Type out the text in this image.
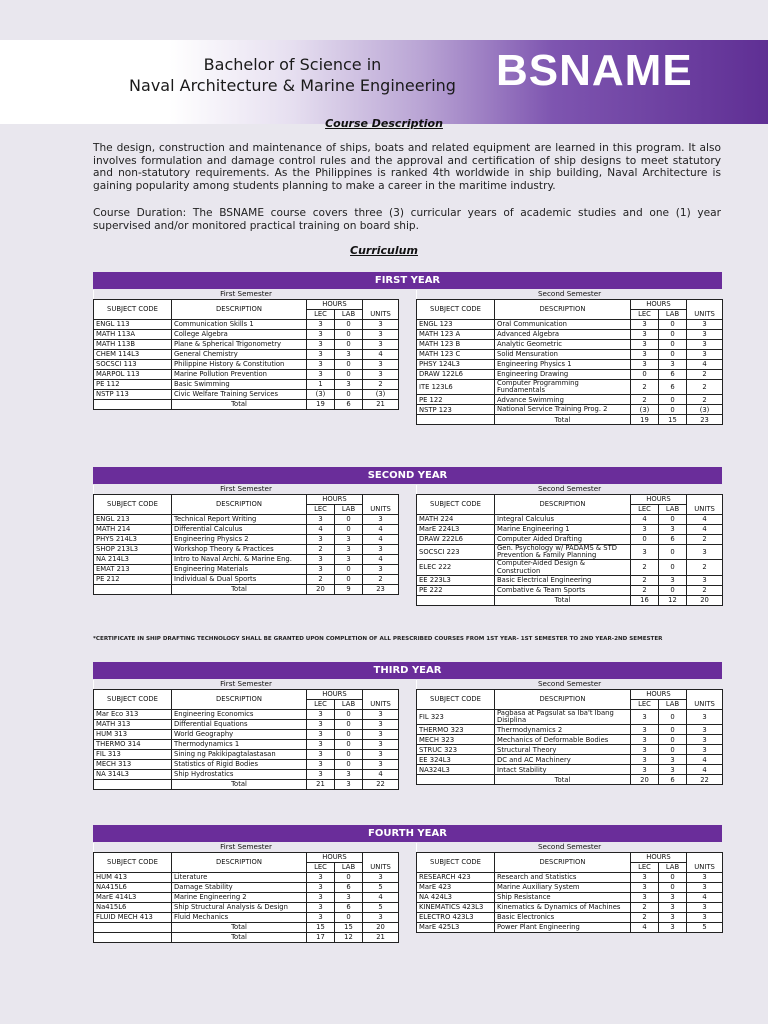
Bachelor of Science in
Naval Architecture & Marine Engineering BSNAME
Course Description
The design, construction and maintenance of ships, boats and related equipment are learned in this program. It also involves formulation and damage control rules and the approval and certification of ship designs to meet statutory and non-statutory requirements. As the Philippines is ranked 4th worldwide in ship building, Naval Architecture is gaining popularity among students planning to make a career in the maritime industry.
Course Duration: The BSNAME course covers three (3) curricular years of academic studies and one (1) year supervised and/or monitored practical training on board ship.
Curriculum
FIRST YEAR
First Semester				
SUBJECT CODE	DESCRIPTION	HOURS		
		LEC	LAB	UNITS
ENGL 113	Communication Skills 1	3	0	3
MATH 113A	College Algebra	3	0	3
MATH 113B	Plane & Spherical Trigonometry	3	0	3
CHEM 114L3	General Chemistry	3	3	4
SOCSCI 113	Philippine History & Constitution	3	0	3
MARPOL 113	Marine Pollution Prevention	3	0	3
PE 112	Basic Swimming	1	3	2
NSTP 113	Civic Welfare Training Services	(3)	0	(3)
	Total	19	6	21
Second Semester				
SUBJECT CODE	DESCRIPTION	HOURS		
		LEC	LAB	UNITS
ENGL 123	Oral Communication	3	0	3
MATH 123 A	Advanced Algebra	3	0	3
MATH 123 B	Analytic Geometric	3	0	3
MATH 123 C	Solid Mensuration	3	0	3
PHSY 124L3	Engineering Physics 1	3	3	4
DRAW 122L6	Engineering Drawing	0	6	2
ITE 123L6	Computer Programming Fundamentals	2	6	2
PE 122	Advance Swimming	2	0	2
NSTP 123	National Service Training Prog. 2	(3)	0	(3)
	Total	19	15	23
SECOND YEAR
First Semester				
SUBJECT CODE	DESCRIPTION	HOURS		
		LEC	LAB	UNITS
ENGL 213	Technical Report Writing	3	0	3
MATH 214	Differential Calculus	4	0	4
PHYS 214L3	Engineering Physics 2	3	3	4
SHOP 213L3	Workshop Theory & Practices	2	3	3
NA 214L3	Intro to Naval Archi. & Marine Eng.	3	3	4
EMAT 213	Engineering Materials	3	0	3
PE 212	Individual & Dual Sports	2	0	2
	Total	20	9	23
Second Semester				
SUBJECT CODE	DESCRIPTION	HOURS		
		LEC	LAB	UNITS
MATH 224	Integral Calculus	4	0	4
MarE 224L3	Marine Engineering 1	3	3	4
DRAW 222L6	Computer Aided Drafting	0	6	2
SOCSCI 223	Gen. Psychology w/ PADAMS & STD Prevention & Family Planning	3	0	3
ELEC 222	Computer-Aided Design & Construction	2	0	2
EE 223L3	Basic Electrical Engineering	2	3	3
PE 222	Combative & Team Sports	2	0	2
	Total	16	12	20
THIRD YEAR
First Semester				
SUBJECT CODE	DESCRIPTION	HOURS		
		LEC	LAB	UNITS
Mar Eco 313	Engineering Economics	3	0	3
MATH 313	Differential Equations	3	0	3
HUM 313	World Geography	3	0	3
THERMO 314	Thermodynamics 1	3	0	3
FIL 313	Sining ng Pakikipagtalastasan	3	0	3
MECH 313	Statistics of Rigid Bodies	3	0	3
NA 314L3	Ship Hydrostatics	3	3	4
	Total	21	3	22
Second Semester				
SUBJECT CODE	DESCRIPTION	HOURS		
		LEC	LAB	UNITS
FIL 323	Pagbasa at Pagsulat sa Iba't Ibang Disiplina	3	0	3
THERMO 323	Thermodynamics 2	3	0	3
MECH 323	Mechanics of Deformable Bodies	3	0	3
STRUC 323	Structural Theory	3	0	3
EE 324L3	DC and AC Machinery	3	3	4
NA324L3	Intact Stability	3	3	4
	Total	20	6	22
FOURTH YEAR
First Semester				
SUBJECT CODE	DESCRIPTION	HOURS		
		LEC	LAB	UNITS
HUM 413	Literature	3	0	3
NA415L6	Damage Stability	3	6	5
MarE 414L3	Marine Engineering 2	3	3	4
Na415L6	Ship Structural Analysis & Design	3	6	5
FLUID MECH 413	Fluid Mechanics	3	0	3
	Total	15	15	20
	Total	17	12	21
Second Semester				
SUBJECT CODE	DESCRIPTION	HOURS		
		LEC	LAB	UNITS
RESEARCH 423	Research and Statistics	3	0	3
MarE 423	Marine Auxiliary System	3	0	3
NA 424L3	Ship Resistance	3	3	4
KINEMATICS 423L3	Kinematics & Dynamics of Machines	2	3	3
ELECTRO 423L3	Basic Electronics	2	3	3
MarE 425L3	Power Plant Engineering	4	3	5
*CERTIFICATE IN SHIP DRAFTING TECHNOLOGY SHALL BE GRANTED UPON COMPLETION OF ALL PRESCRIBED COURSES FROM 1ST YEAR- 1ST SEMESTER TO 2ND YEAR-2ND SEMESTER
